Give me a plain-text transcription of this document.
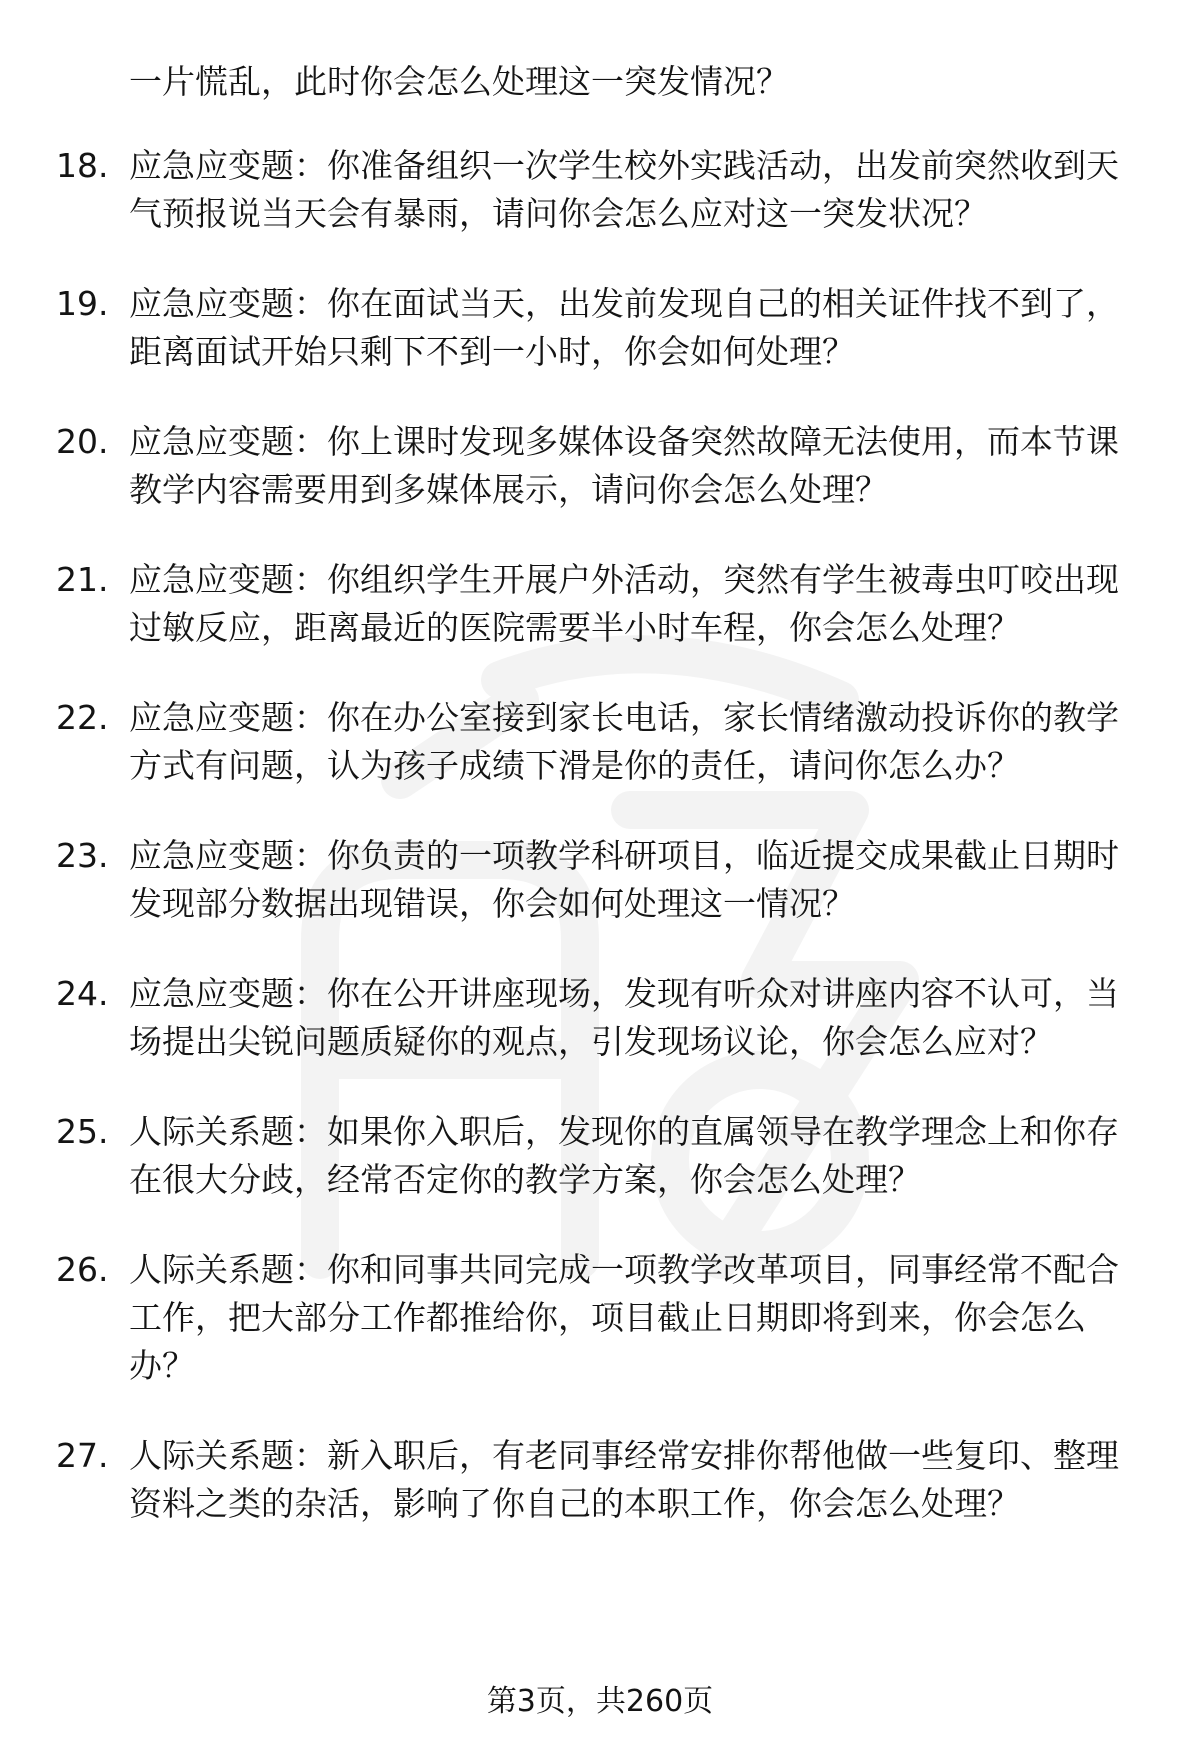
一片慌乱，此时你会怎么处理这一突发情况？
18. 应急应变题：你准备组织一次学生校外实践活动，出发前突然收到天气预报说当天会有暴雨，请问你会怎么应对这一突发状况？
19. 应急应变题：你在面试当天，出发前发现自己的相关证件找不到了，距离面试开始只剩下不到一小时，你会如何处理？
20. 应急应变题：你上课时发现多媒体设备突然故障无法使用，而本节课教学内容需要用到多媒体展示，请问你会怎么处理？
21. 应急应变题：你组织学生开展户外活动，突然有学生被毒虫叮咬出现过敏反应，距离最近的医院需要半小时车程，你会怎么处理？
22. 应急应变题：你在办公室接到家长电话，家长情绪激动投诉你的教学方式有问题，认为孩子成绩下滑是你的责任，请问你怎么办？
23. 应急应变题：你负责的一项教学科研项目，临近提交成果截止日期时发现部分数据出现错误，你会如何处理这一情况？
24. 应急应变题：你在公开讲座现场，发现有听众对讲座内容不认可，当场提出尖锐问题质疑你的观点，引发现场议论，你会怎么应对？
25. 人际关系题：如果你入职后，发现你的直属领导在教学理念上和你存在很大分歧，经常否定你的教学方案，你会怎么处理？
26. 人际关系题：你和同事共同完成一项教学改革项目，同事经常不配合工作，把大部分工作都推给你，项目截止日期即将到来，你会怎么办？
27. 人际关系题：新入职后，有老同事经常安排你帮他做一些复印、整理资料之类的杂活，影响了你自己的本职工作，你会怎么处理？
第3页，共260页
